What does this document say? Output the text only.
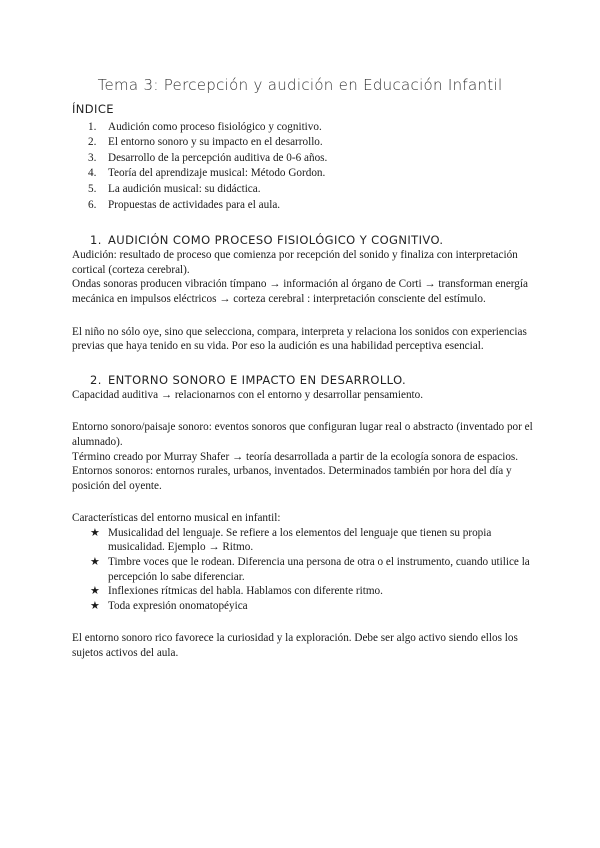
Tema 3: Percepción y audición en Educación Infantil
ÍNDICE
1. Audición como proceso fisiológico y cognitivo.
2. El entorno sonoro y su impacto en el desarrollo.
3. Desarrollo de la percepción auditiva de 0-6 años.
4. Teoría del aprendizaje musical: Método Gordon.
5. La audición musical: su didáctica.
6. Propuestas de actividades para el aula.
1. AUDICIÓN COMO PROCESO FISIOLÓGICO Y COGNITIVO.

Audición: resultado de proceso que comienza por recepción del sonido y finaliza con interpretación cortical (corteza cerebral).

Ondas sonoras producen vibración tímpano → información al órgano de Corti → transforman energía mecánica en impulsos eléctricos → corteza cerebral : interpretación consciente del estímulo.

El niño no sólo oye, sino que selecciona, compara, interpreta y relaciona los sonidos con experiencias previas que haya tenido en su vida. Por eso la audición es una habilidad perceptiva esencial.

2. ENTORNO SONORO E IMPACTO EN DESARROLLO.

Capacidad auditiva → relacionarnos con el entorno y desarrollar pensamiento.

Entorno sonoro/paisaje sonoro: eventos sonoros que configuran lugar real o abstracto (inventado por el alumnado).

Término creado por Murray Shafer → teoría desarrollada a partir de la ecología sonora de espacios. Entornos sonoros: entornos rurales, urbanos, inventados. Determinados también por hora del día y posición del oyente.

Características del entorno musical en infantil:

★ Musicalidad del lenguaje. Se refiere a los elementos del lenguaje que tienen su propia musicalidad. Ejemplo → Ritmo.
★ Timbre voces que le rodean. Diferencia una persona de otra o el instrumento, cuando utilice la percepción lo sabe diferenciar.
★ Inflexiones rítmicas del habla. Hablamos con diferente ritmo.
★ Toda expresión onomatopéyica

El entorno sonoro rico favorece la curiosidad y la exploración. Debe ser algo activo siendo ellos los sujetos activos del aula.
